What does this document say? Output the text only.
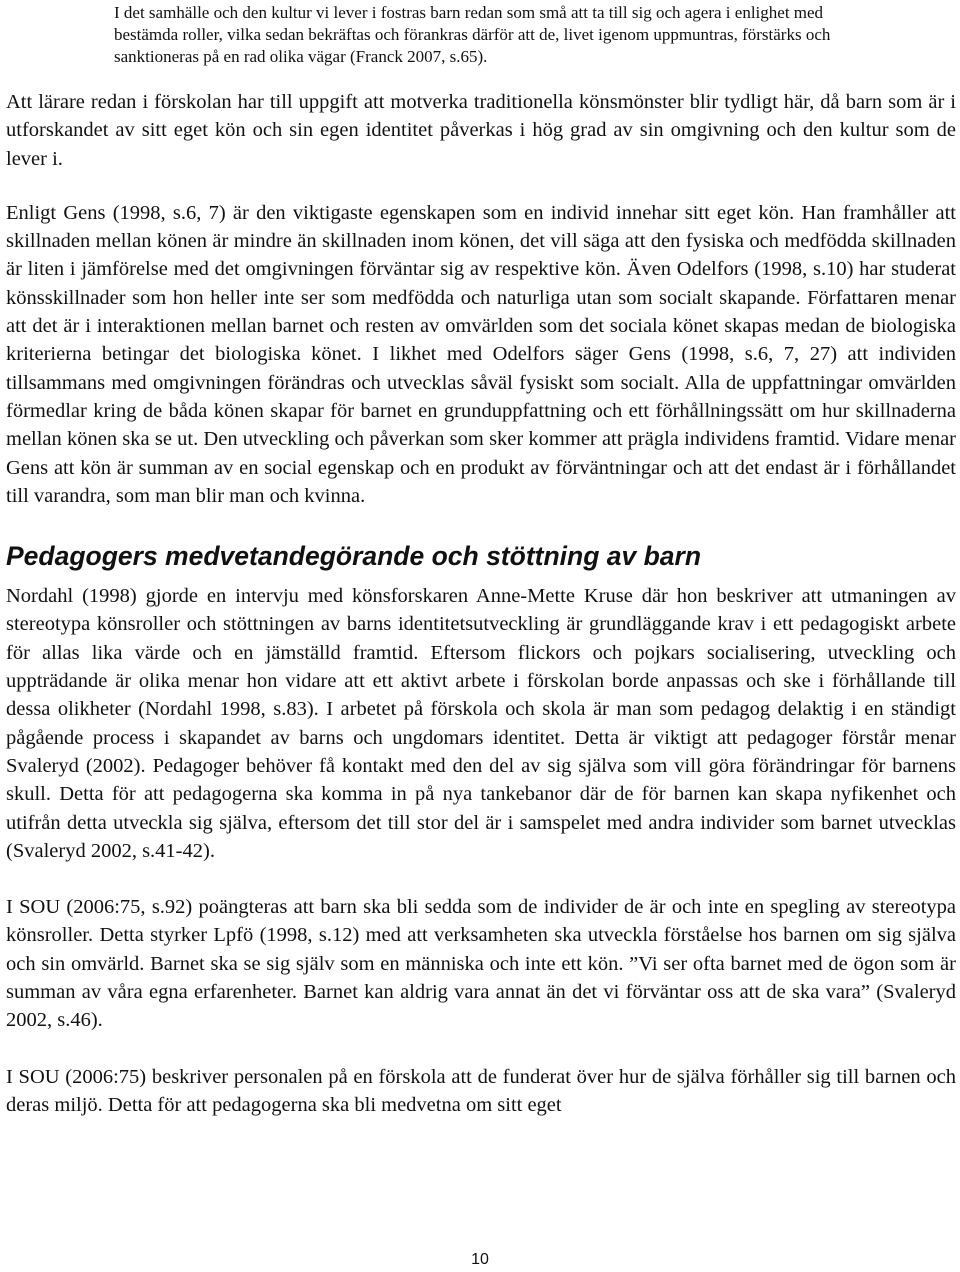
I det samhälle och den kultur vi lever i fostras barn redan som små att ta till sig och agera i enlighet med bestämda roller, vilka sedan bekräftas och förankras därför att de, livet igenom uppmuntras, förstärks och sanktioneras på en rad olika vägar (Franck 2007, s.65).

Att lärare redan i förskolan har till uppgift att motverka traditionella könsmönster blir tydligt här, då barn som är i utforskandet av sitt eget kön och sin egen identitet påverkas i hög grad av sin omgivning och den kultur som de lever i.

Enligt Gens (1998, s.6, 7) är den viktigaste egenskapen som en individ innehar sitt eget kön. Han framhåller att skillnaden mellan könen är mindre än skillnaden inom könen, det vill säga att den fysiska och medfödda skillnaden är liten i jämförelse med det omgivningen förväntar sig av respektive kön. Även Odelfors (1998, s.10) har studerat könsskillnader som hon heller inte ser som medfödda och naturliga utan som socialt skapande. Författaren menar att det är i interaktionen mellan barnet och resten av omvärlden som det sociala könet skapas medan de biologiska kriterierna betingar det biologiska könet. I likhet med Odelfors säger Gens (1998, s.6, 7, 27) att individen tillsammans med omgivningen förändras och utvecklas såväl fysiskt som socialt. Alla de uppfattningar omvärlden förmedlar kring de båda könen skapar för barnet en grunduppfattning och ett förhållningssätt om hur skillnaderna mellan könen ska se ut. Den utveckling och påverkan som sker kommer att prägla individens framtid. Vidare menar Gens att kön är summan av en social egenskap och en produkt av förväntningar och att det endast är i förhållandet till varandra, som man blir man och kvinna.

Pedagogers medvetandegörande och stöttning av barn

Nordahl (1998) gjorde en intervju med könsforskaren Anne-Mette Kruse där hon beskriver att utmaningen av stereotypa könsroller och stöttningen av barns identitetsutveckling är grundläggande krav i ett pedagogiskt arbete för allas lika värde och en jämställd framtid. Eftersom flickors och pojkars socialisering, utveckling och uppträdande är olika menar hon vidare att ett aktivt arbete i förskolan borde anpassas och ske i förhållande till dessa olikheter (Nordahl 1998, s.83). I arbetet på förskola och skola är man som pedagog delaktig i en ständigt pågående process i skapandet av barns och ungdomars identitet. Detta är viktigt att pedagoger förstår menar Svaleryd (2002). Pedagoger behöver få kontakt med den del av sig själva som vill göra förändringar för barnens skull. Detta för att pedagogerna ska komma in på nya tankebanor där de för barnen kan skapa nyfikenhet och utifrån detta utveckla sig själva, eftersom det till stor del är i samspelet med andra individer som barnet utvecklas (Svaleryd 2002, s.41-42).

I SOU (2006:75, s.92) poängteras att barn ska bli sedda som de individer de är och inte en spegling av stereotypa könsroller. Detta styrker Lpfö (1998, s.12) med att verksamheten ska utveckla förståelse hos barnen om sig själva och sin omvärld. Barnet ska se sig själv som en människa och inte ett kön. ”Vi ser ofta barnet med de ögon som är summan av våra egna erfarenheter. Barnet kan aldrig vara annat än det vi förväntar oss att de ska vara” (Svaleryd 2002, s.46).

I SOU (2006:75) beskriver personalen på en förskola att de funderat över hur de själva förhåller sig till barnen och deras miljö. Detta för att pedagogerna ska bli medvetna om sitt eget

10
